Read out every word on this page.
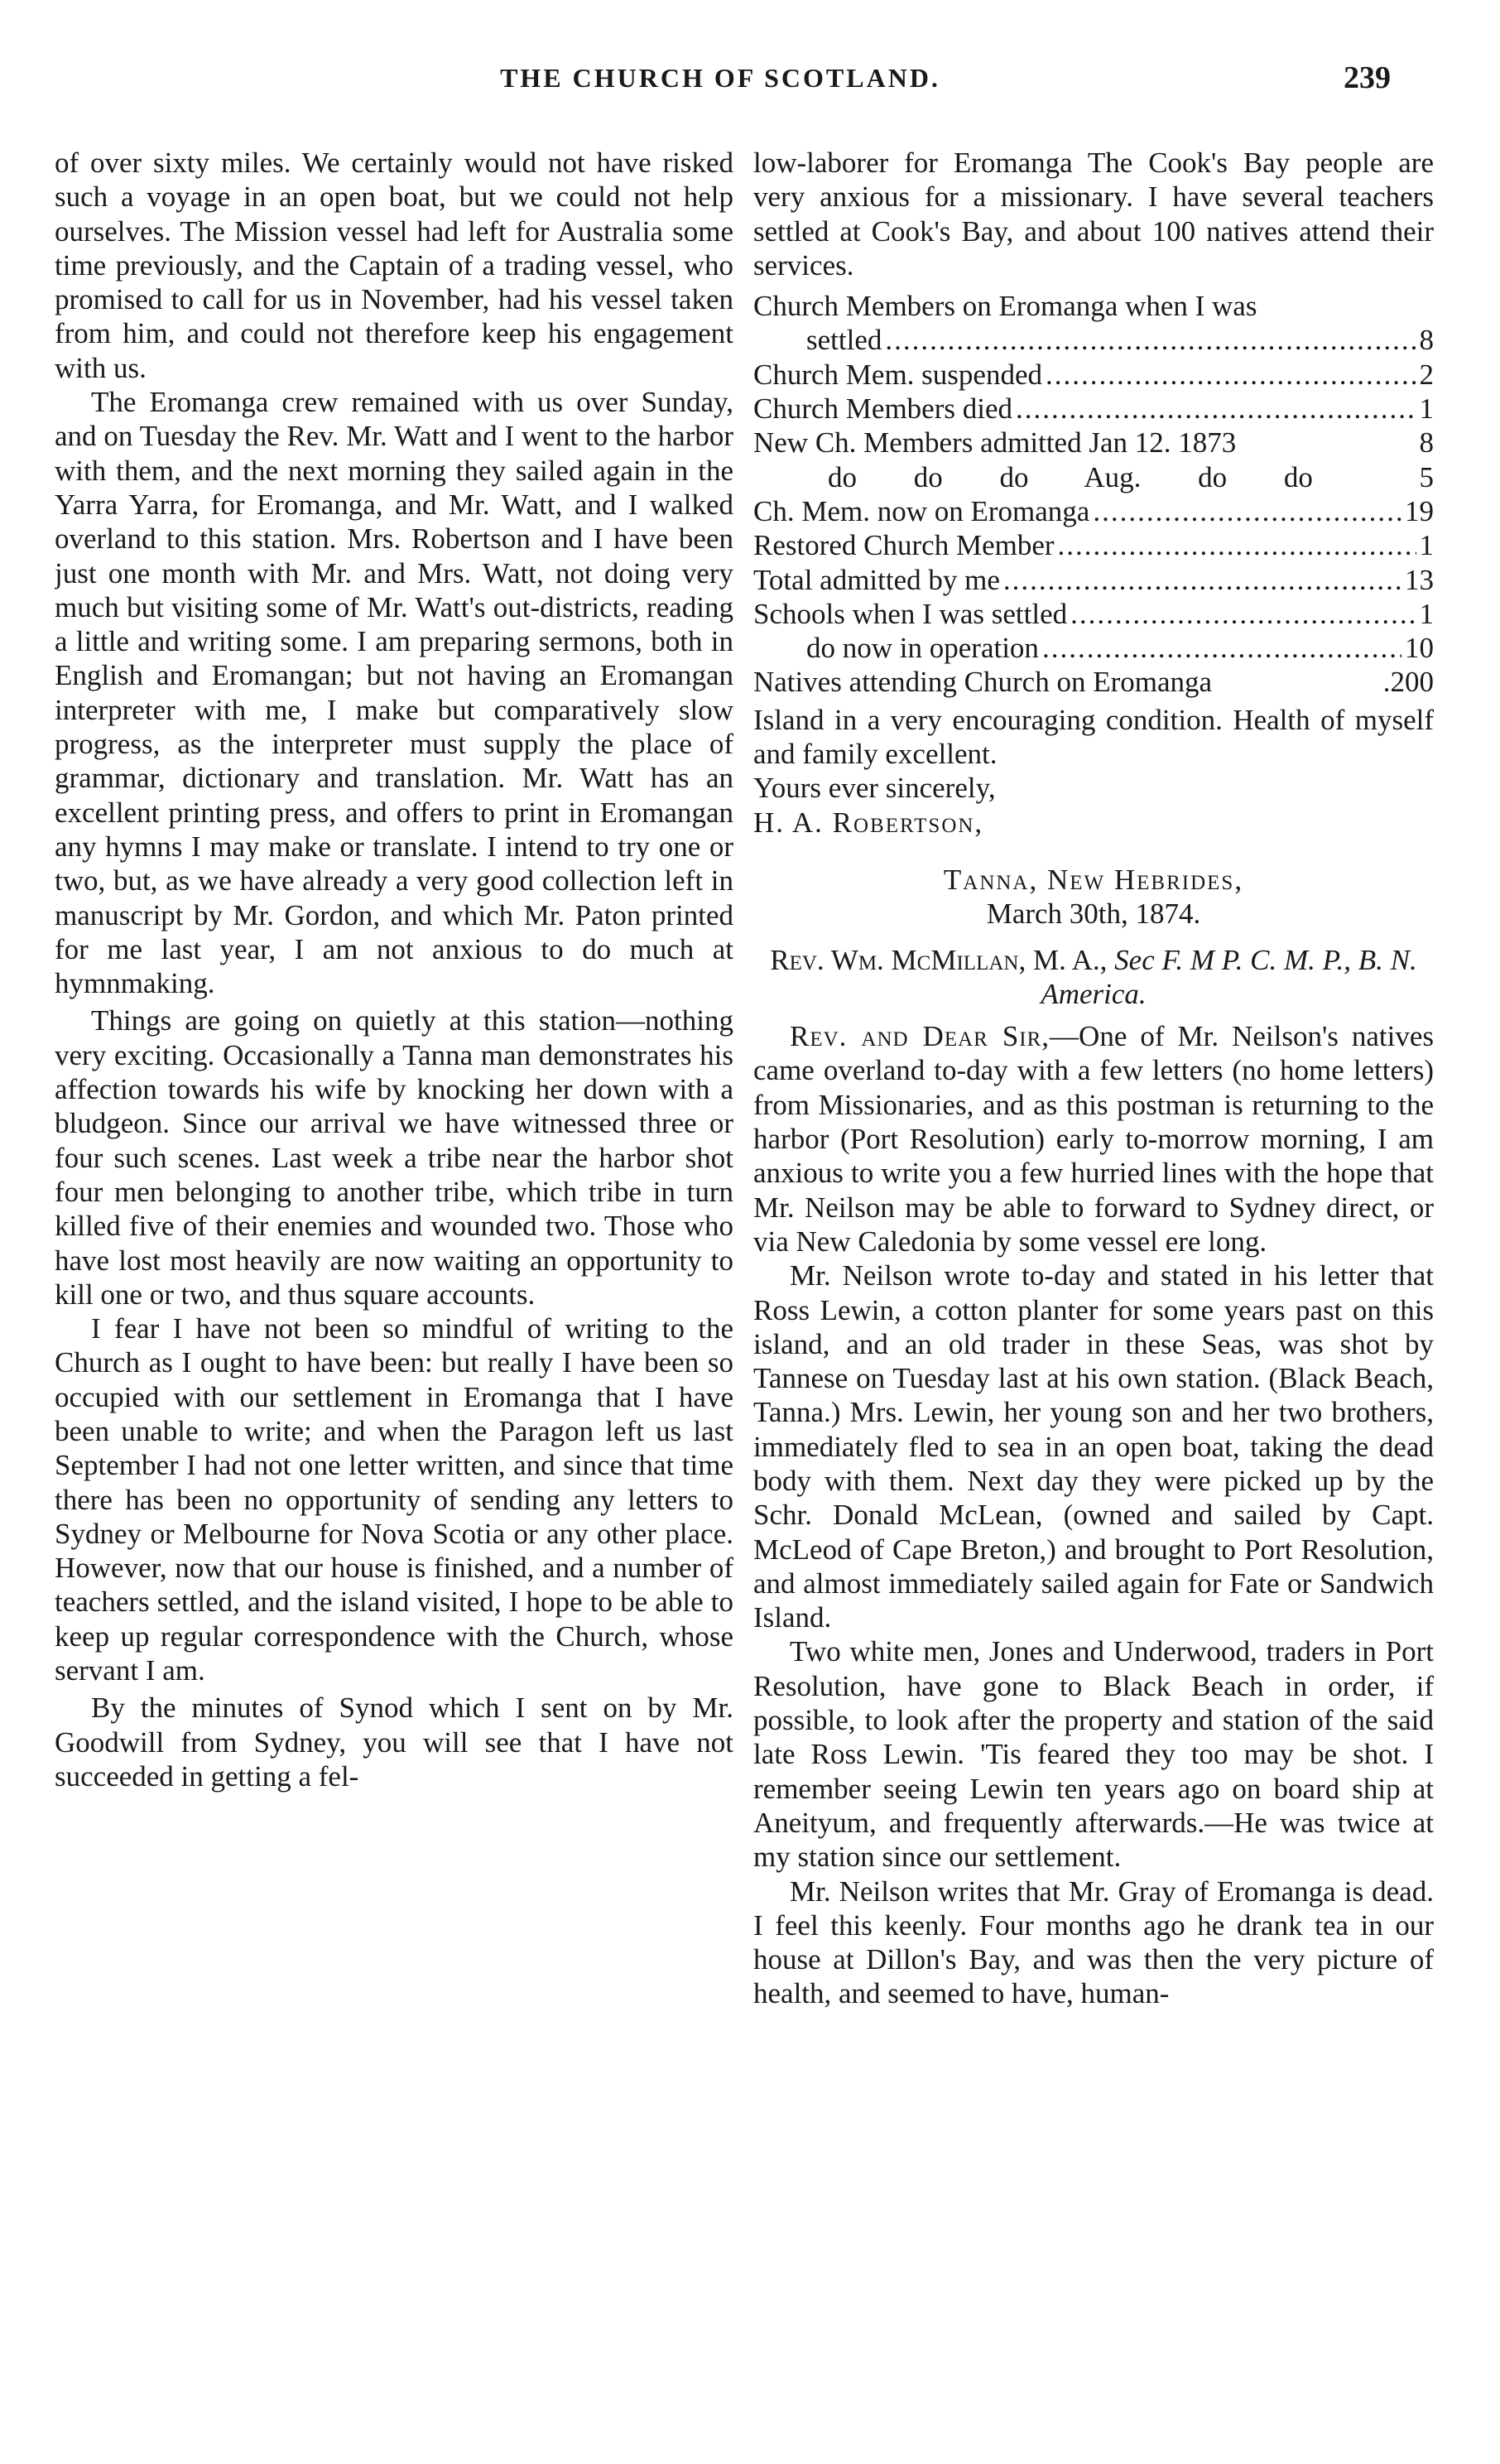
THE CHURCH OF SCOTLAND.	239

of over sixty miles. We certainly would not have risked such a voyage in an open boat, but we could not help ourselves. The Mission vessel had left for Australia some time previously, and the Captain of a trading vessel, who promised to call for us in November, had his vessel taken from him, and could not therefore keep his engagement with us.

The Eromanga crew remained with us over Sunday, and on Tuesday the Rev. Mr. Watt and I went to the harbor with them, and the next morning they sailed again in the Yarra Yarra, for Eromanga, and Mr. Watt, and I walked overland to this station. Mrs. Robertson and I have been just one month with Mr. and Mrs. Watt, not doing very much but visiting some of Mr. Watt's out-districts, reading a little and writing some. I am preparing sermons, both in English and Eromangan; but not having an Eromangan interpreter with me, I make but comparatively slow progress, as the interpreter must supply the place of grammar, dictionary and translation. Mr. Watt has an excellent printing press, and offers to print in Eromangan any hymns I may make or translate. I intend to try one or two, but, as we have already a very good collection left in manuscript by Mr. Gordon, and which Mr. Paton printed for me last year, I am not anxious to do much at hymnmaking.

Things are going on quietly at this station—nothing very exciting. Occasionally a Tanna man demonstrates his affection towards his wife by knocking her down with a bludgeon. Since our arrival we have witnessed three or four such scenes. Last week a tribe near the harbor shot four men belonging to another tribe, which tribe in turn killed five of their enemies and wounded two. Those who have lost most heavily are now waiting an opportunity to kill one or two, and thus square accounts.

I fear I have not been so mindful of writing to the Church as I ought to have been: but really I have been so occupied with our settlement in Eromanga that I have been unable to write; and when the Paragon left us last September I had not one letter written, and since that time there has been no opportunity of sending any letters to Sydney or Melbourne for Nova Scotia or any other place. However, now that our house is finished, and a number of teachers settled, and the island visited, I hope to be able to keep up regular correspondence with the Church, whose servant I am.

By the minutes of Synod which I sent on by Mr. Goodwill from Sydney, you will see that I have not succeeded in getting a fel-

low-laborer for Eromanga The Cook's Bay people are very anxious for a missionary. I have several teachers settled at Cook's Bay, and about 100 natives attend their services.

Church Members on Eromanga when I was
settled .....	8
Church Mem. suspended .....	2
Church Members died .....	1
New Ch. Members admitted Jan 12. 1873	8
do do do Aug. do do	5
Ch. Mem. now on Eromanga .....	19
Restored Church Member .....	1
Total admitted by me .....	13
Schools when I was settled .....	1
do now in operation .....	10
Natives attending Church on Eromanga	.200

Island in a very encouraging condition. Health of myself and family excellent.

Yours ever sincerely,

H. A. Robertson,

Tanna, New Hebrides,
March 30th, 1874.
Rev. Wm. McMillan, M. A., Sec F. M P. C. M. P., B. N. America.

Rev. and Dear Sir,—One of Mr. Neilson's natives came overland to-day with a few letters (no home letters) from Missionaries, and as this postman is returning to the harbor (Port Resolution) early to-morrow morning, I am anxious to write you a few hurried lines with the hope that Mr. Neilson may be able to forward to Sydney direct, or via New Caledonia by some vessel ere long.

Mr. Neilson wrote to-day and stated in his letter that Ross Lewin, a cotton planter for some years past on this island, and an old trader in these Seas, was shot by Tannese on Tuesday last at his own station. (Black Beach, Tanna.) Mrs. Lewin, her young son and her two brothers, immediately fled to sea in an open boat, taking the dead body with them. Next day they were picked up by the Schr. Donald McLean, (owned and sailed by Capt. McLeod of Cape Breton,) and brought to Port Resolution, and almost immediately sailed again for Fate or Sandwich Island.

Two white men, Jones and Underwood, traders in Port Resolution, have gone to Black Beach in order, if possible, to look after the property and station of the said late Ross Lewin. 'Tis feared they too may be shot. I remember seeing Lewin ten years ago on board ship at Aneityum, and frequently afterwards.—He was twice at my station since our settlement.

Mr. Neilson writes that Mr. Gray of Eromanga is dead. I feel this keenly. Four months ago he drank tea in our house at Dillon's Bay, and was then the very picture of health, and seemed to have, human-
